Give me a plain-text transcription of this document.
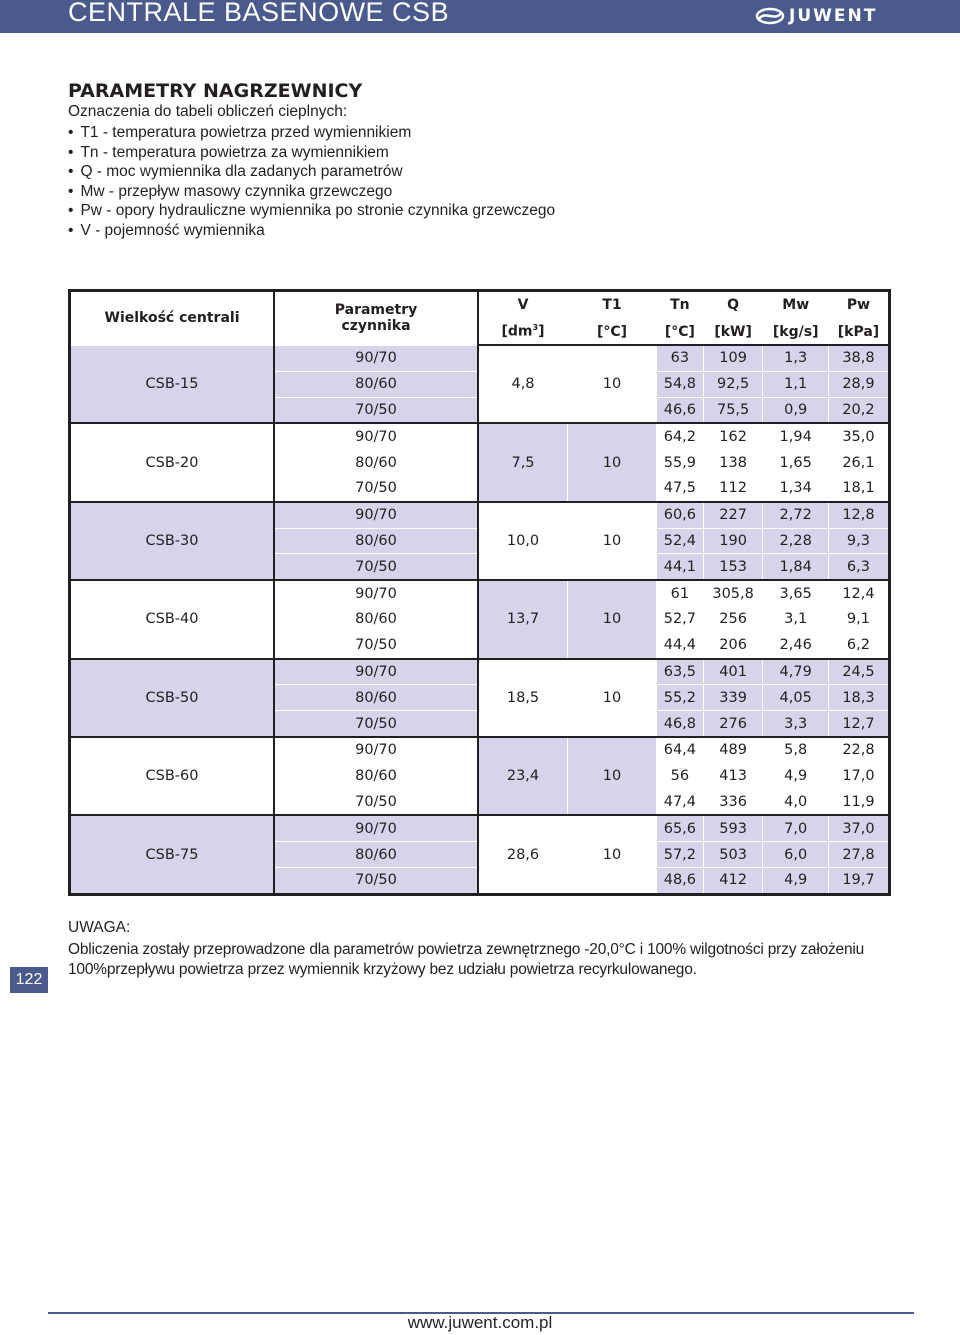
CENTRALE BASENOWE CSB	JUWENT
PARAMETRY NAGRZEWNICY
Oznaczenia do tabeli obliczeń cieplnych:
• T1 - temperatura powietrza przed wymiennikiem
• Tn - temperatura powietrza za wymiennikiem
• Q - moc wymiennika dla zadanych parametrów
• Mw - przepływ masowy czynnika grzewczego
• Pw - opory hydrauliczne wymiennika po stronie czynnika grzewczego
• V - pojemność wymiennika
Wielkość centrali	Parametry czynnika	V	T1	Tn	Q	Mw	Pw
		$[dm^3]$	[°C]	[°C]	[kW]	[kg/s]	[kPa]
CSB-15	90/70	4,8	10	63	109	1,3	38,8
	80/60			54,8	92,5	1,1	28,9
	70/50			46,6	75,5	0,9	20,2
CSB-20	90/70	7,5	10	64,2	162	1,94	35,0
	80/60			55,9	138	1,65	26,1
	70/50			47,5	112	1,34	18,1
CSB-30	90/70	10,0	10	60,6	227	2,72	12,8
	80/60			52,4	190	2,28	9,3
	70/50			44,1	153	1,84	6,3
CSB-40	90/70	13,7	10	61	305,8	3,65	12,4
	80/60			52,7	256	3,1	9,1
	70/50			44,4	206	2,46	6,2
CSB-50	90/70	18,5	10	63,5	401	4,79	24,5
	80/60			55,2	339	4,05	18,3
	70/50			46,8	276	3,3	12,7
CSB-60	90/70	23,4	10	64,4	489	5,8	22,8
	80/60			56	413	4,9	17,0
	70/50			47,4	336	4,0	11,9
CSB-75	90/70	28,6	10	65,6	593	7,0	37,0
	80/60			57,2	503	6,0	27,8
	70/50			48,6	412	4,9	19,7
UWAGA:
Obliczenia zostały przeprowadzone dla parametrów powietrza zewnętrznego -20,0°C i 100% wilgotności przy założeniu 100%przepływu powietrza przez wymiennik krzyżowy bez udziału powietrza recyrkulowanego.
122
www.juwent.com.pl
